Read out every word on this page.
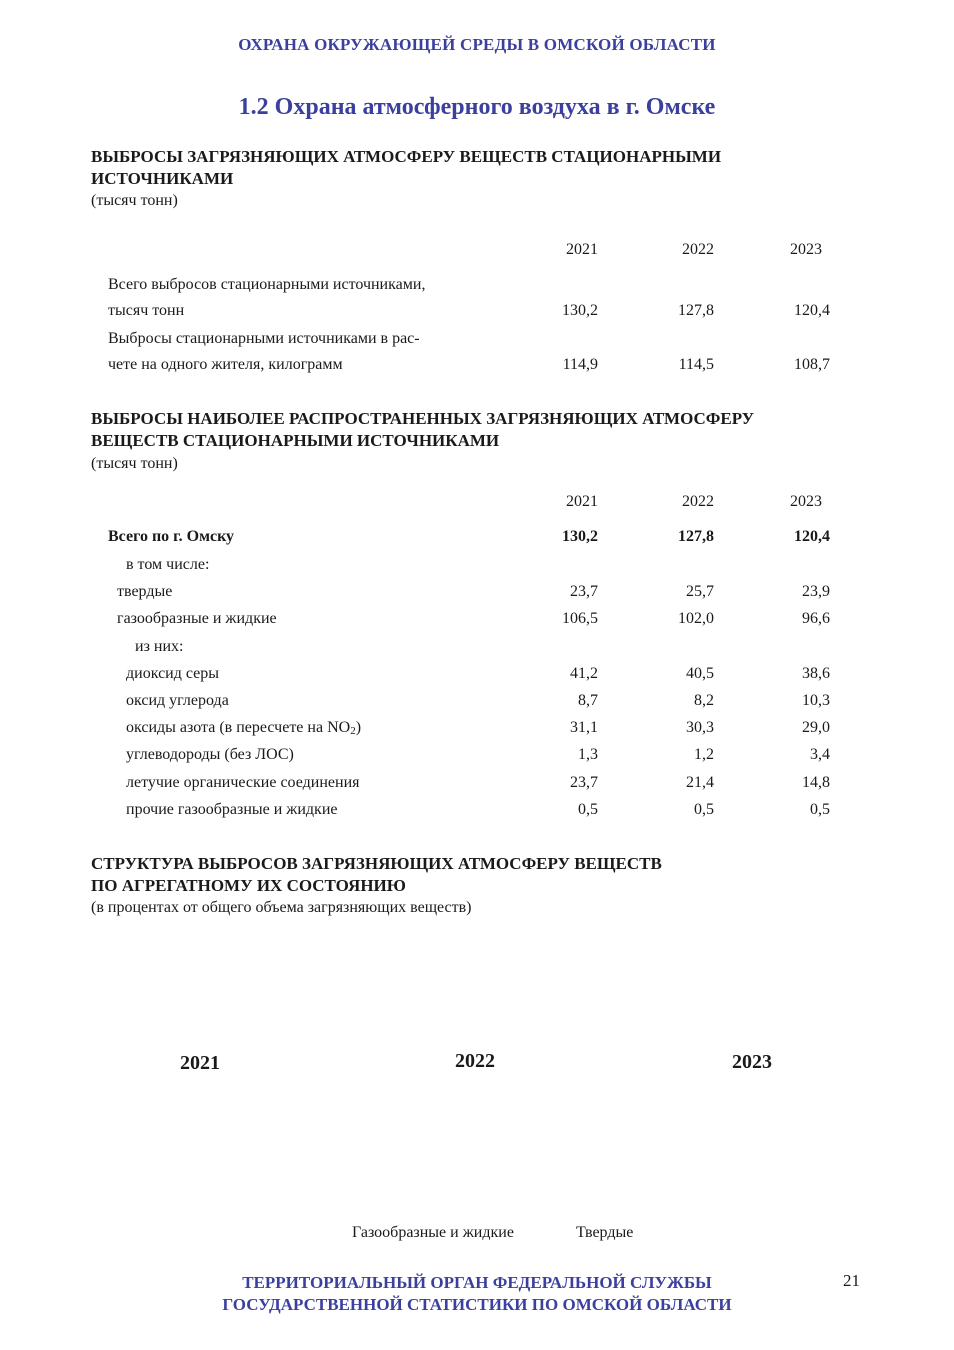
ОХРАНА ОКРУЖАЮЩЕЙ СРЕДЫ В ОМСКОЙ ОБЛАСТИ
1.2 Охрана атмосферного воздуха в г. Омске
ВЫБРОСЫ ЗАГРЯЗНЯЮЩИХ АТМОСФЕРУ ВЕЩЕСТВ СТАЦИОНАРНЫМИ
ИСТОЧНИКАМИ
(тысяч тонн)
2021	2022	2023
Всего выбросов стационарными источниками,
тысяч тонн	130,2	127,8	120,4
Выбросы стационарными источниками в рас-
чете на одного жителя, килограмм	114,9	114,5	108,7
ВЫБРОСЫ НАИБОЛЕЕ РАСПРОСТРАНЕННЫХ ЗАГРЯЗНЯЮЩИХ АТМОСФЕРУ
ВЕЩЕСТВ СТАЦИОНАРНЫМИ ИСТОЧНИКАМИ
(тысяч тонн)
2021	2022	2023
Всего по г. Омску	130,2	127,8	120,4
в том числе:
твердые	23,7	25,7	23,9
газообразные и жидкие	106,5	102,0	96,6
из них:
диоксид серы	41,2	40,5	38,6
оксид углерода	8,7	8,2	10,3
оксиды азота (в пересчете на $NO_2$)	31,1	30,3	29,0
углеводороды (без ЛОС)	1,3	1,2	3,4
летучие органические соединения	23,7	21,4	14,8
прочие газообразные и жидкие	0,5	0,5	0,5
СТРУКТУРА ВЫБРОСОВ ЗАГРЯЗНЯЮЩИХ АТМОСФЕРУ ВЕЩЕСТВ
ПО АГРЕГАТНОМУ ИХ СОСТОЯНИЮ
(в процентах от общего объема загрязняющих веществ)
2021	2022	2023
Газообразные и жидкие	Твердые
ТЕРРИТОРИАЛЬНЫЙ ОРГАН ФЕДЕРАЛЬНОЙ СЛУЖБЫ
ГОСУДАРСТВЕННОЙ СТАТИСТИКИ ПО ОМСКОЙ ОБЛАСТИ
21
